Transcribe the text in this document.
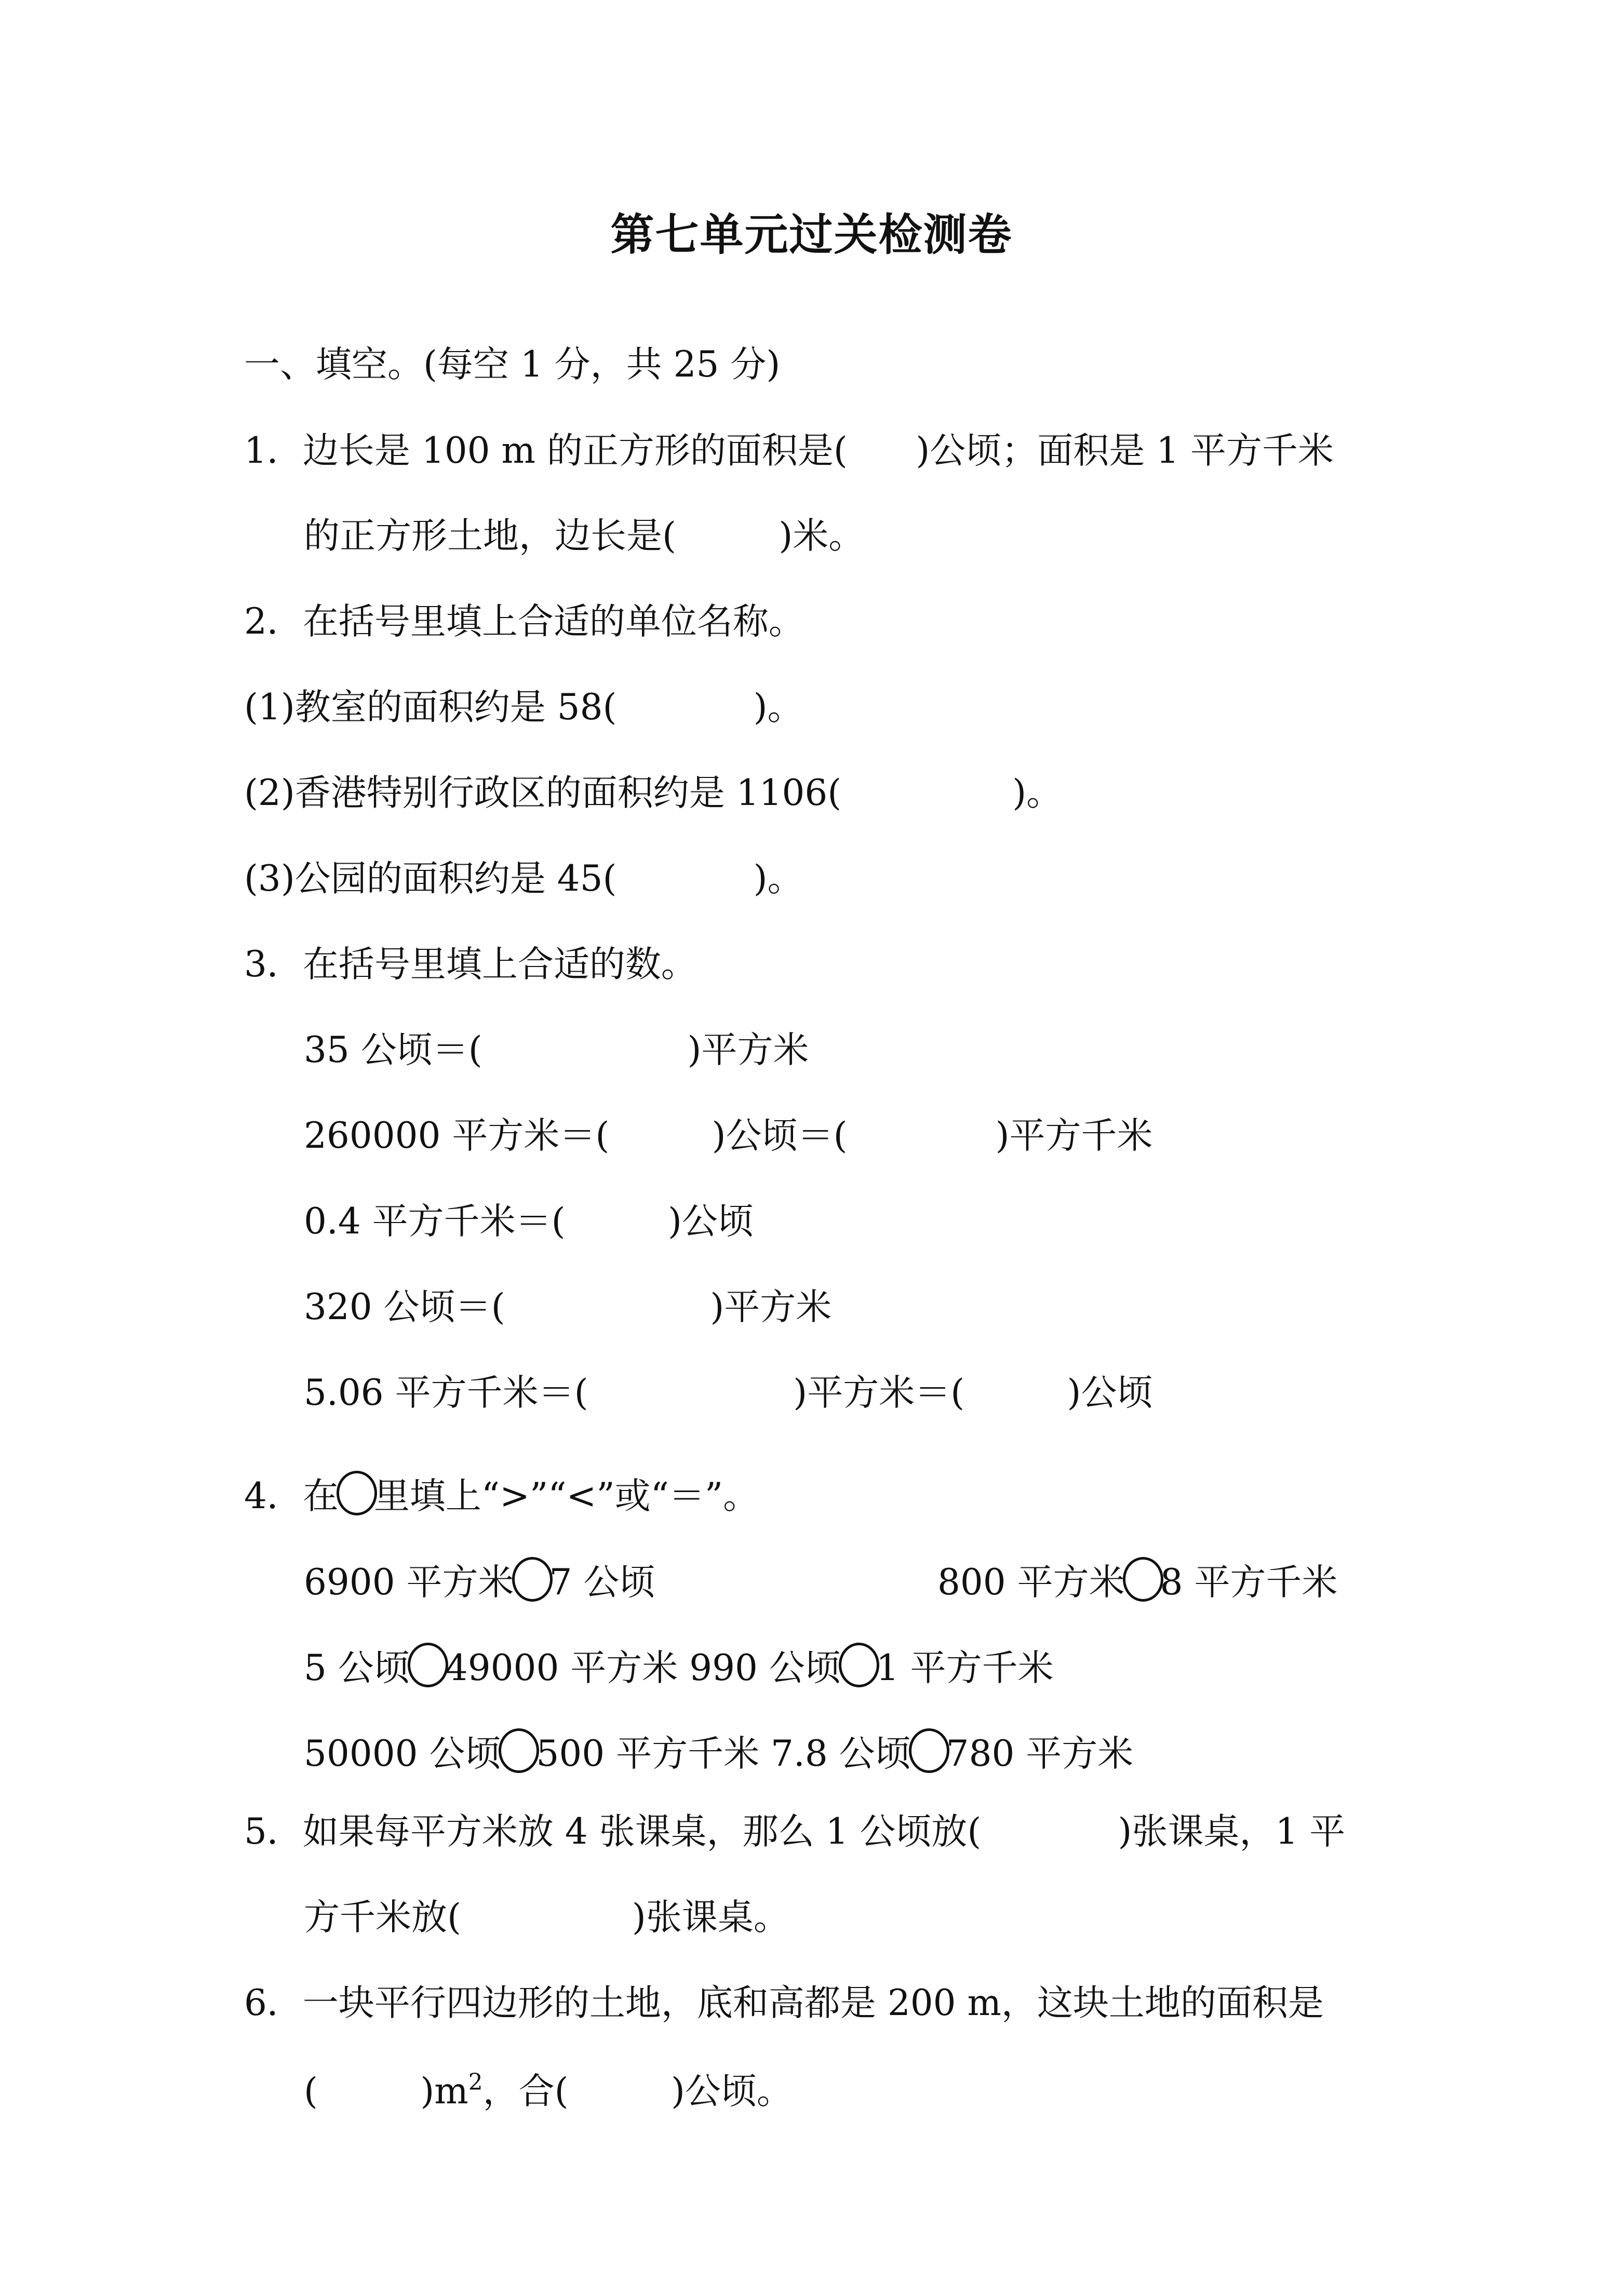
第七单元过关检测卷
一、填空。(每空 1 分，共 25 分)
1．边长是 100 m 的正方形的面积是(      )公顷；面积是 1 平方千米
的正方形土地，边长是(         )米。
2．在括号里填上合适的单位名称。
(1)教室的面积约是 58(            )。
(2)香港特别行政区的面积约是 1106(               )。
(3)公园的面积约是 45(            )。
3．在括号里填上合适的数。
35 公顷＝(                  )平方米
260000 平方米＝(         )公顷＝(             )平方千米
0.4 平方千米＝(         )公顷
320 公顷＝(                  )平方米
5.06 平方千米＝(                  )平方米＝(         )公顷
4．在 里填上“>”“<”或“＝”。
6900 平方米 7 公顷	800 平方米 8 平方千米
5 公顷 49000 平方米 990 公顷 1 平方千米
50000 公顷 500 平方千米 7.8 公顷 780 平方米
5．如果每平方米放 4 张课桌，那么 1 公顷放(            )张课桌，1 平
方千米放(               )张课桌。
6．一块平行四边形的土地，底和高都是 200 m，这块土地的面积是
(         )$m^2$，合(         )公顷。
